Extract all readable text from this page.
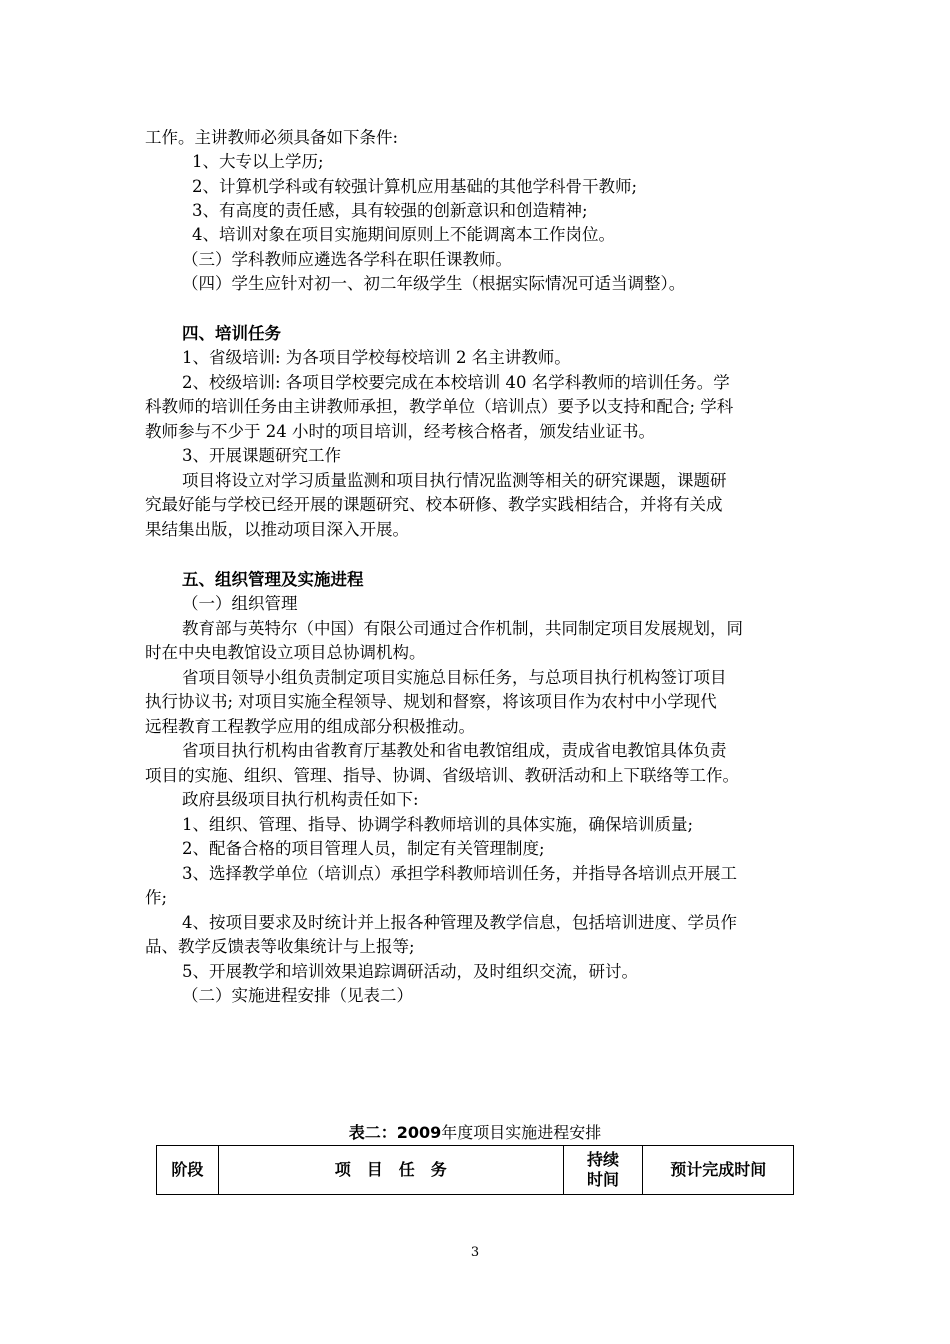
工作。主讲教师必须具备如下条件:
1、大专以上学历;
2、计算机学科或有较强计算机应用基础的其他学科骨干教师;
3、有高度的责任感，具有较强的创新意识和创造精神;
4、培训对象在项目实施期间原则上不能调离本工作岗位。
（三）学科教师应遴选各学科在职任课教师。
（四）学生应针对初一、初二年级学生（根据实际情况可适当调整）。
四、培训任务
1、省级培训: 为各项目学校每校培训 2 名主讲教师。
2、校级培训: 各项目学校要完成在本校培训 40 名学科教师的培训任务。学
科教师的培训任务由主讲教师承担，教学单位（培训点）要予以支持和配合; 学科
教师参与不少于 24 小时的项目培训，经考核合格者，颁发结业证书。
3、开展课题研究工作
项目将设立对学习质量监测和项目执行情况监测等相关的研究课题，课题研
究最好能与学校已经开展的课题研究、校本研修、教学实践相结合，并将有关成
果结集出版，以推动项目深入开展。
五、组织管理及实施进程
（一）组织管理
教育部与英特尔（中国）有限公司通过合作机制，共同制定项目发展规划，同
时在中央电教馆设立项目总协调机构。
省项目领导小组负责制定项目实施总目标任务，与总项目执行机构签订项目
执行协议书; 对项目实施全程领导、规划和督察，将该项目作为农村中小学现代
远程教育工程教学应用的组成部分积极推动。
省项目执行机构由省教育厅基教处和省电教馆组成，责成省电教馆具体负责
项目的实施、组织、管理、指导、协调、省级培训、教研活动和上下联络等工作。
政府县级项目执行机构责任如下:
1、组织、管理、指导、协调学科教师培训的具体实施，确保培训质量;
2、配备合格的项目管理人员，制定有关管理制度;
3、选择教学单位（培训点）承担学科教师培训任务，并指导各培训点开展工
作;
4、按项目要求及时统计并上报各种管理及教学信息，包括培训进度、学员作
品、教学反馈表等收集统计与上报等;
5、开展教学和培训效果追踪调研活动，及时组织交流，研讨。
（二）实施进程安排（见表二）
表二：2009年度项目实施进程安排
阶段	项　目　任　务	持续时间	预计完成时间
3
